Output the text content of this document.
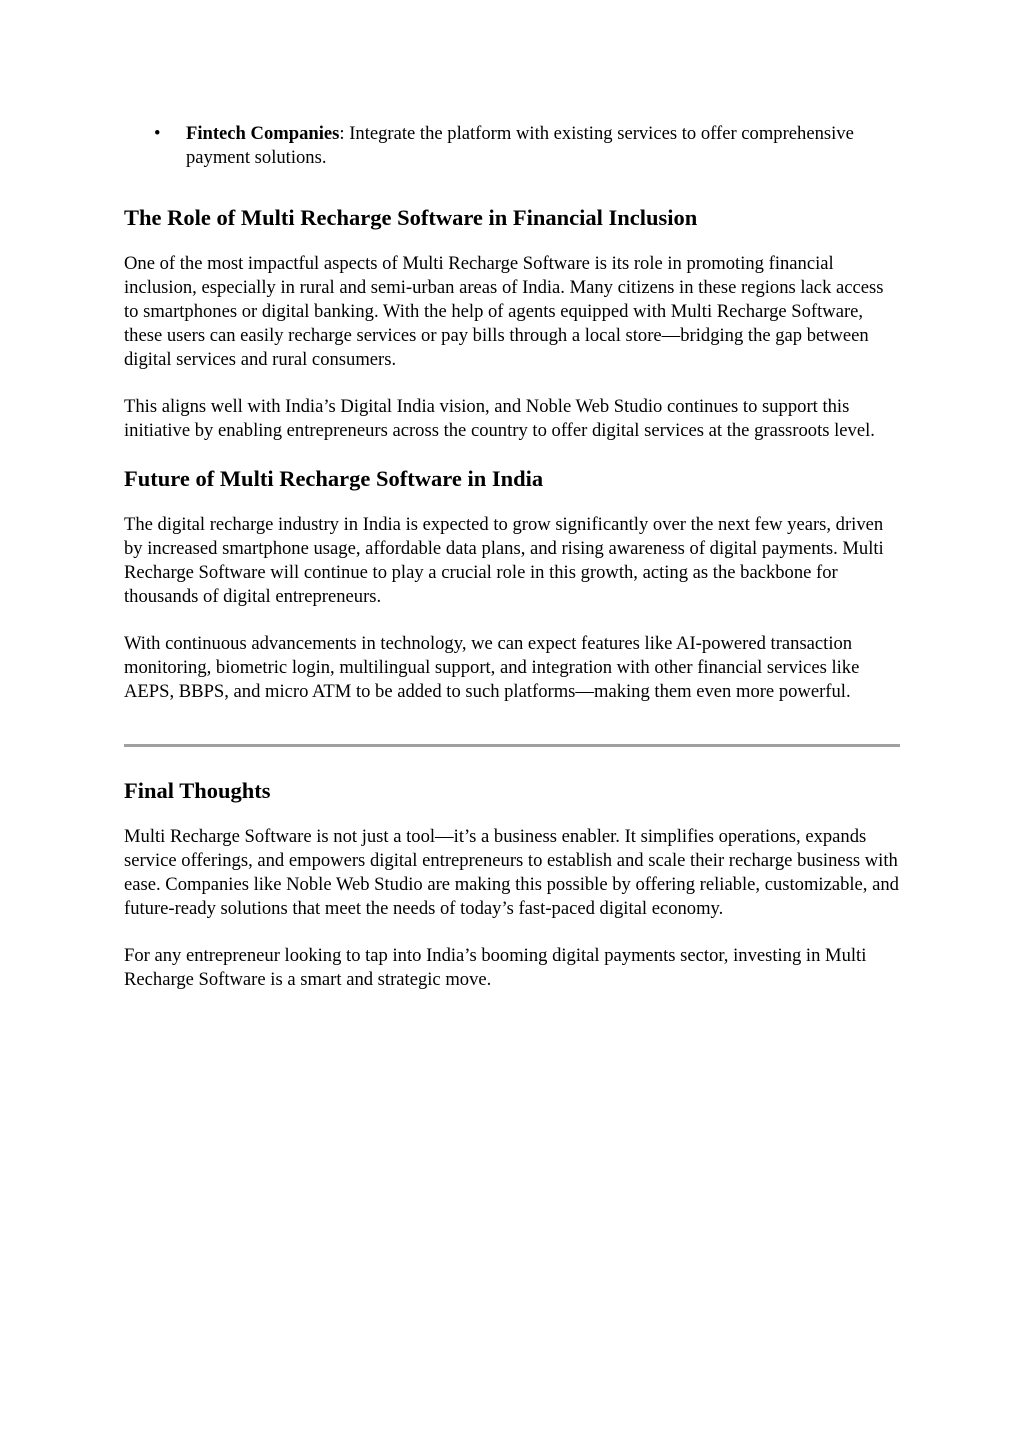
• Fintech Companies: Integrate the platform with existing services to offer comprehensive payment solutions.
The Role of Multi Recharge Software in Financial Inclusion

One of the most impactful aspects of Multi Recharge Software is its role in promoting financial inclusion, especially in rural and semi-urban areas of India. Many citizens in these regions lack access to smartphones or digital banking. With the help of agents equipped with Multi Recharge Software, these users can easily recharge services or pay bills through a local store—bridging the gap between digital services and rural consumers.

This aligns well with India’s Digital India vision, and Noble Web Studio continues to support this initiative by enabling entrepreneurs across the country to offer digital services at the grassroots level.

Future of Multi Recharge Software in India

The digital recharge industry in India is expected to grow significantly over the next few years, driven by increased smartphone usage, affordable data plans, and rising awareness of digital payments. Multi Recharge Software will continue to play a crucial role in this growth, acting as the backbone for thousands of digital entrepreneurs.

With continuous advancements in technology, we can expect features like AI-powered transaction monitoring, biometric login, multilingual support, and integration with other financial services like AEPS, BBPS, and micro ATM to be added to such platforms—making them even more powerful.

Final Thoughts

Multi Recharge Software is not just a tool—it’s a business enabler. It simplifies operations, expands service offerings, and empowers digital entrepreneurs to establish and scale their recharge business with ease. Companies like Noble Web Studio are making this possible by offering reliable, customizable, and future-ready solutions that meet the needs of today’s fast-paced digital economy.

For any entrepreneur looking to tap into India’s booming digital payments sector, investing in Multi Recharge Software is a smart and strategic move.
